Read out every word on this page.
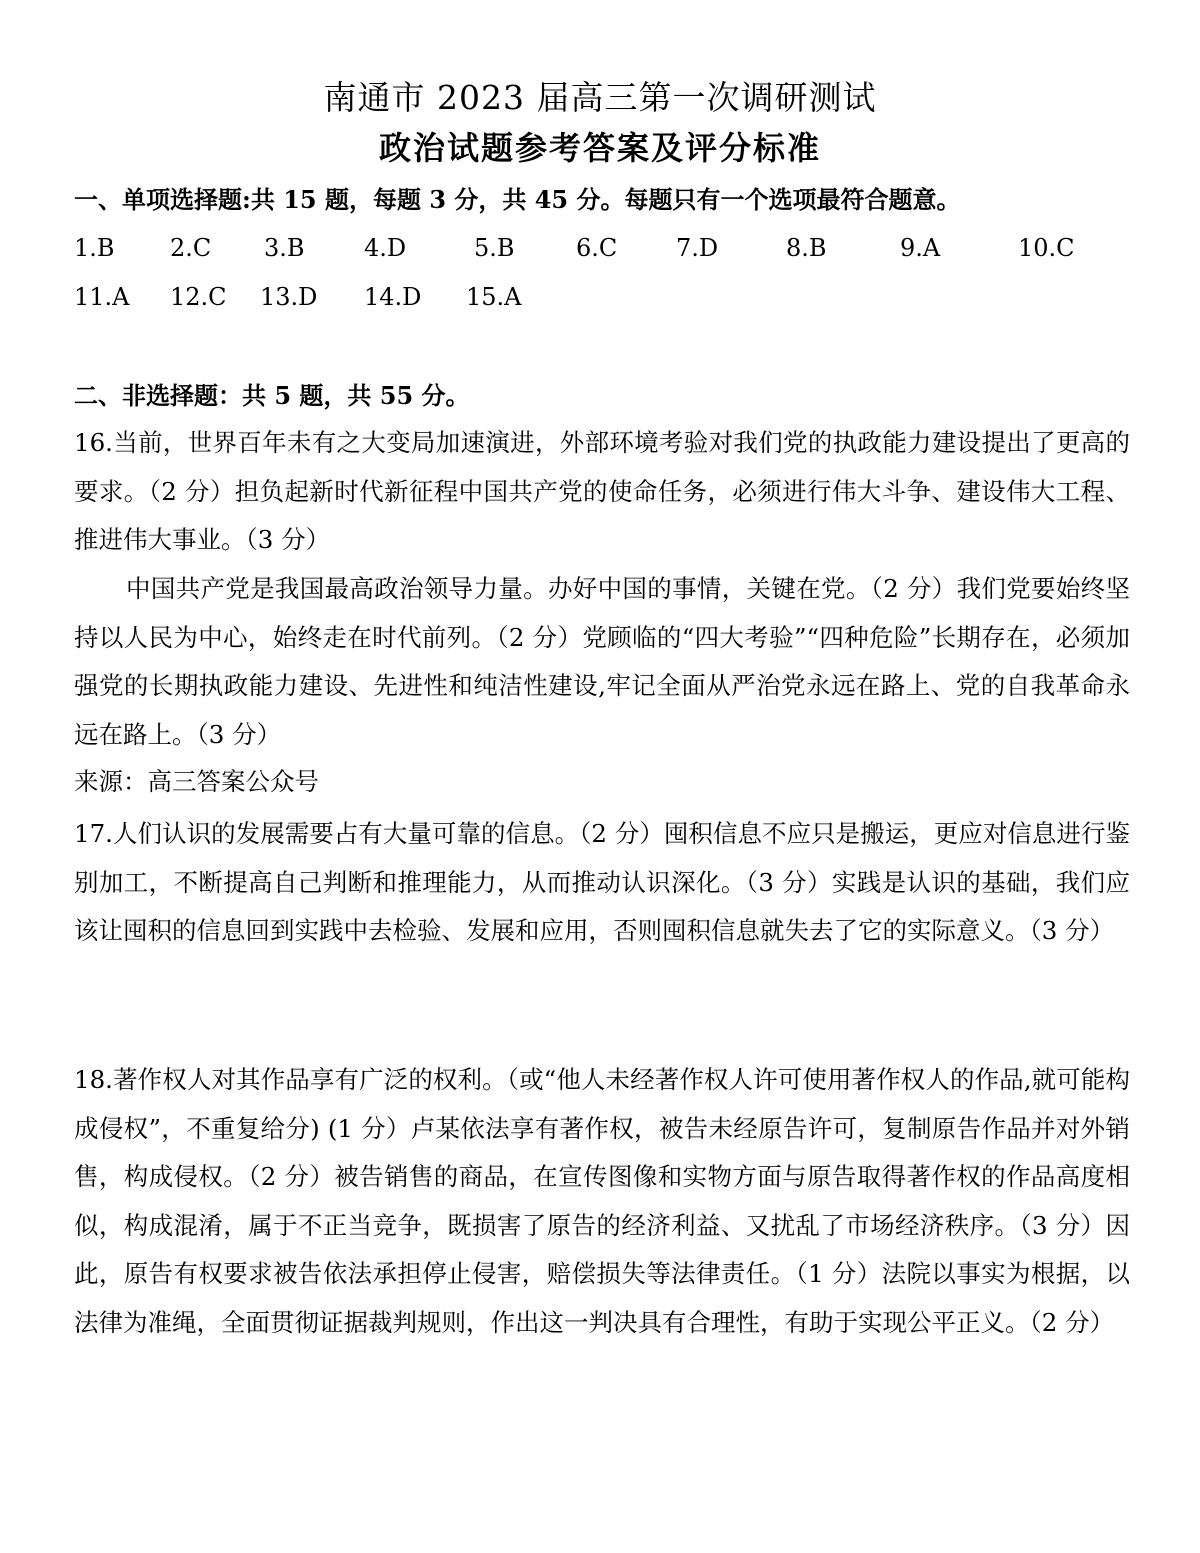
南通市 2023 届高三第一次调研测试
政治试题参考答案及评分标准
一、单项选择题:共 15 题，每题 3 分，共 45 分。每题只有一个选项最符合题意。
1.B 2.C 3.B 4.D	5.B	6.C 7.D	8.B	9.A	10.C
11.A 12.C 13.D 14.D 15.A
二、非选择题：共 5 题，共 55 分。
16.当前，世界百年未有之大变局加速演进，外部环境考验对我们党的执政能力建设提出了更高的要求。（2 分）担负起新时代新征程中国共产党的使命任务，必须进行伟大斗争、建设伟大工程、推进伟大事业。（3 分）
中国共产党是我国最高政治领导力量。办好中国的事情，关键在党。（2 分）我们党要始终坚持以人民为中心，始终走在时代前列。（2 分）党顾临的“四大考验”“四种危险”长期存在，必须加强党的长期执政能力建设、先进性和纯洁性建设,牢记全面从严治党永远在路上、党的自我革命永远在路上。（3 分）
来源：高三答案公众号
17.人们认识的发展需要占有大量可靠的信息。（2 分）囤积信息不应只是搬运，更应对信息进行鉴别加工，不断提高自己判断和推理能力，从而推动认识深化。（3 分）实践是认识的基础，我们应该让囤积的信息回到实践中去检验、发展和应用，否则囤积信息就失去了它的实际意义。（3 分）
18.著作权人对其作品享有广泛的权利。（或“他人未经著作权人许可使用著作权人的作品,就可能构成侵权”，不重复给分) (1 分）卢某依法享有著作权，被告未经原告许可，复制原告作品并对外销售，构成侵权。（2 分）被告销售的商品，在宣传图像和实物方面与原告取得著作权的作品高度相似，构成混淆，属于不正当竞争，既损害了原告的经济利益、又扰乱了市场经济秩序。（3 分）因此，原告有权要求被告依法承担停止侵害，赔偿损失等法律责任。（1 分）法院以事实为根据，以法律为准绳，全面贯彻证据裁判规则，作出这一判决具有合理性，有助于实现公平正义。（2 分）
